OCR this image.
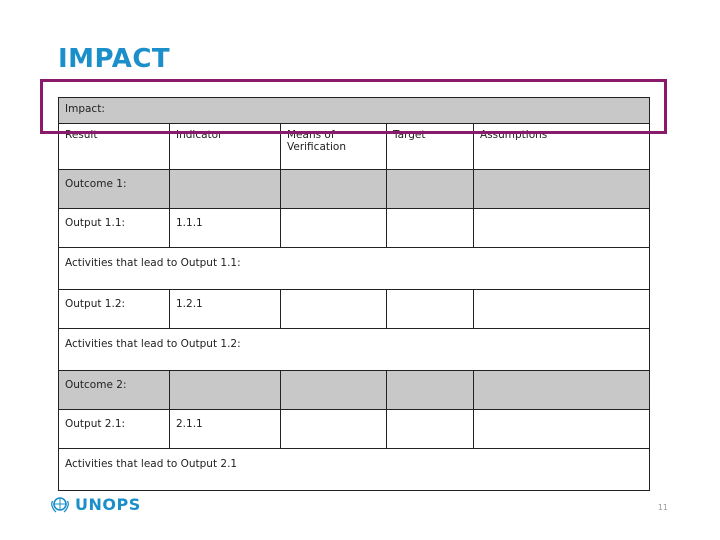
IMPACT
Impact:				
Result	Indicator	Means of Verification	Target	Assumptions
Outcome 1:				
Output 1.1:	1.1.1			
Activities that lead to Output 1.1:				
Output 1.2:	1.2.1			
Activities that lead to Output 1.2:				
Outcome 2:				
Output 2.1:	2.1.1			
Activities that lead to Output 2.1				
UNOPS	11
